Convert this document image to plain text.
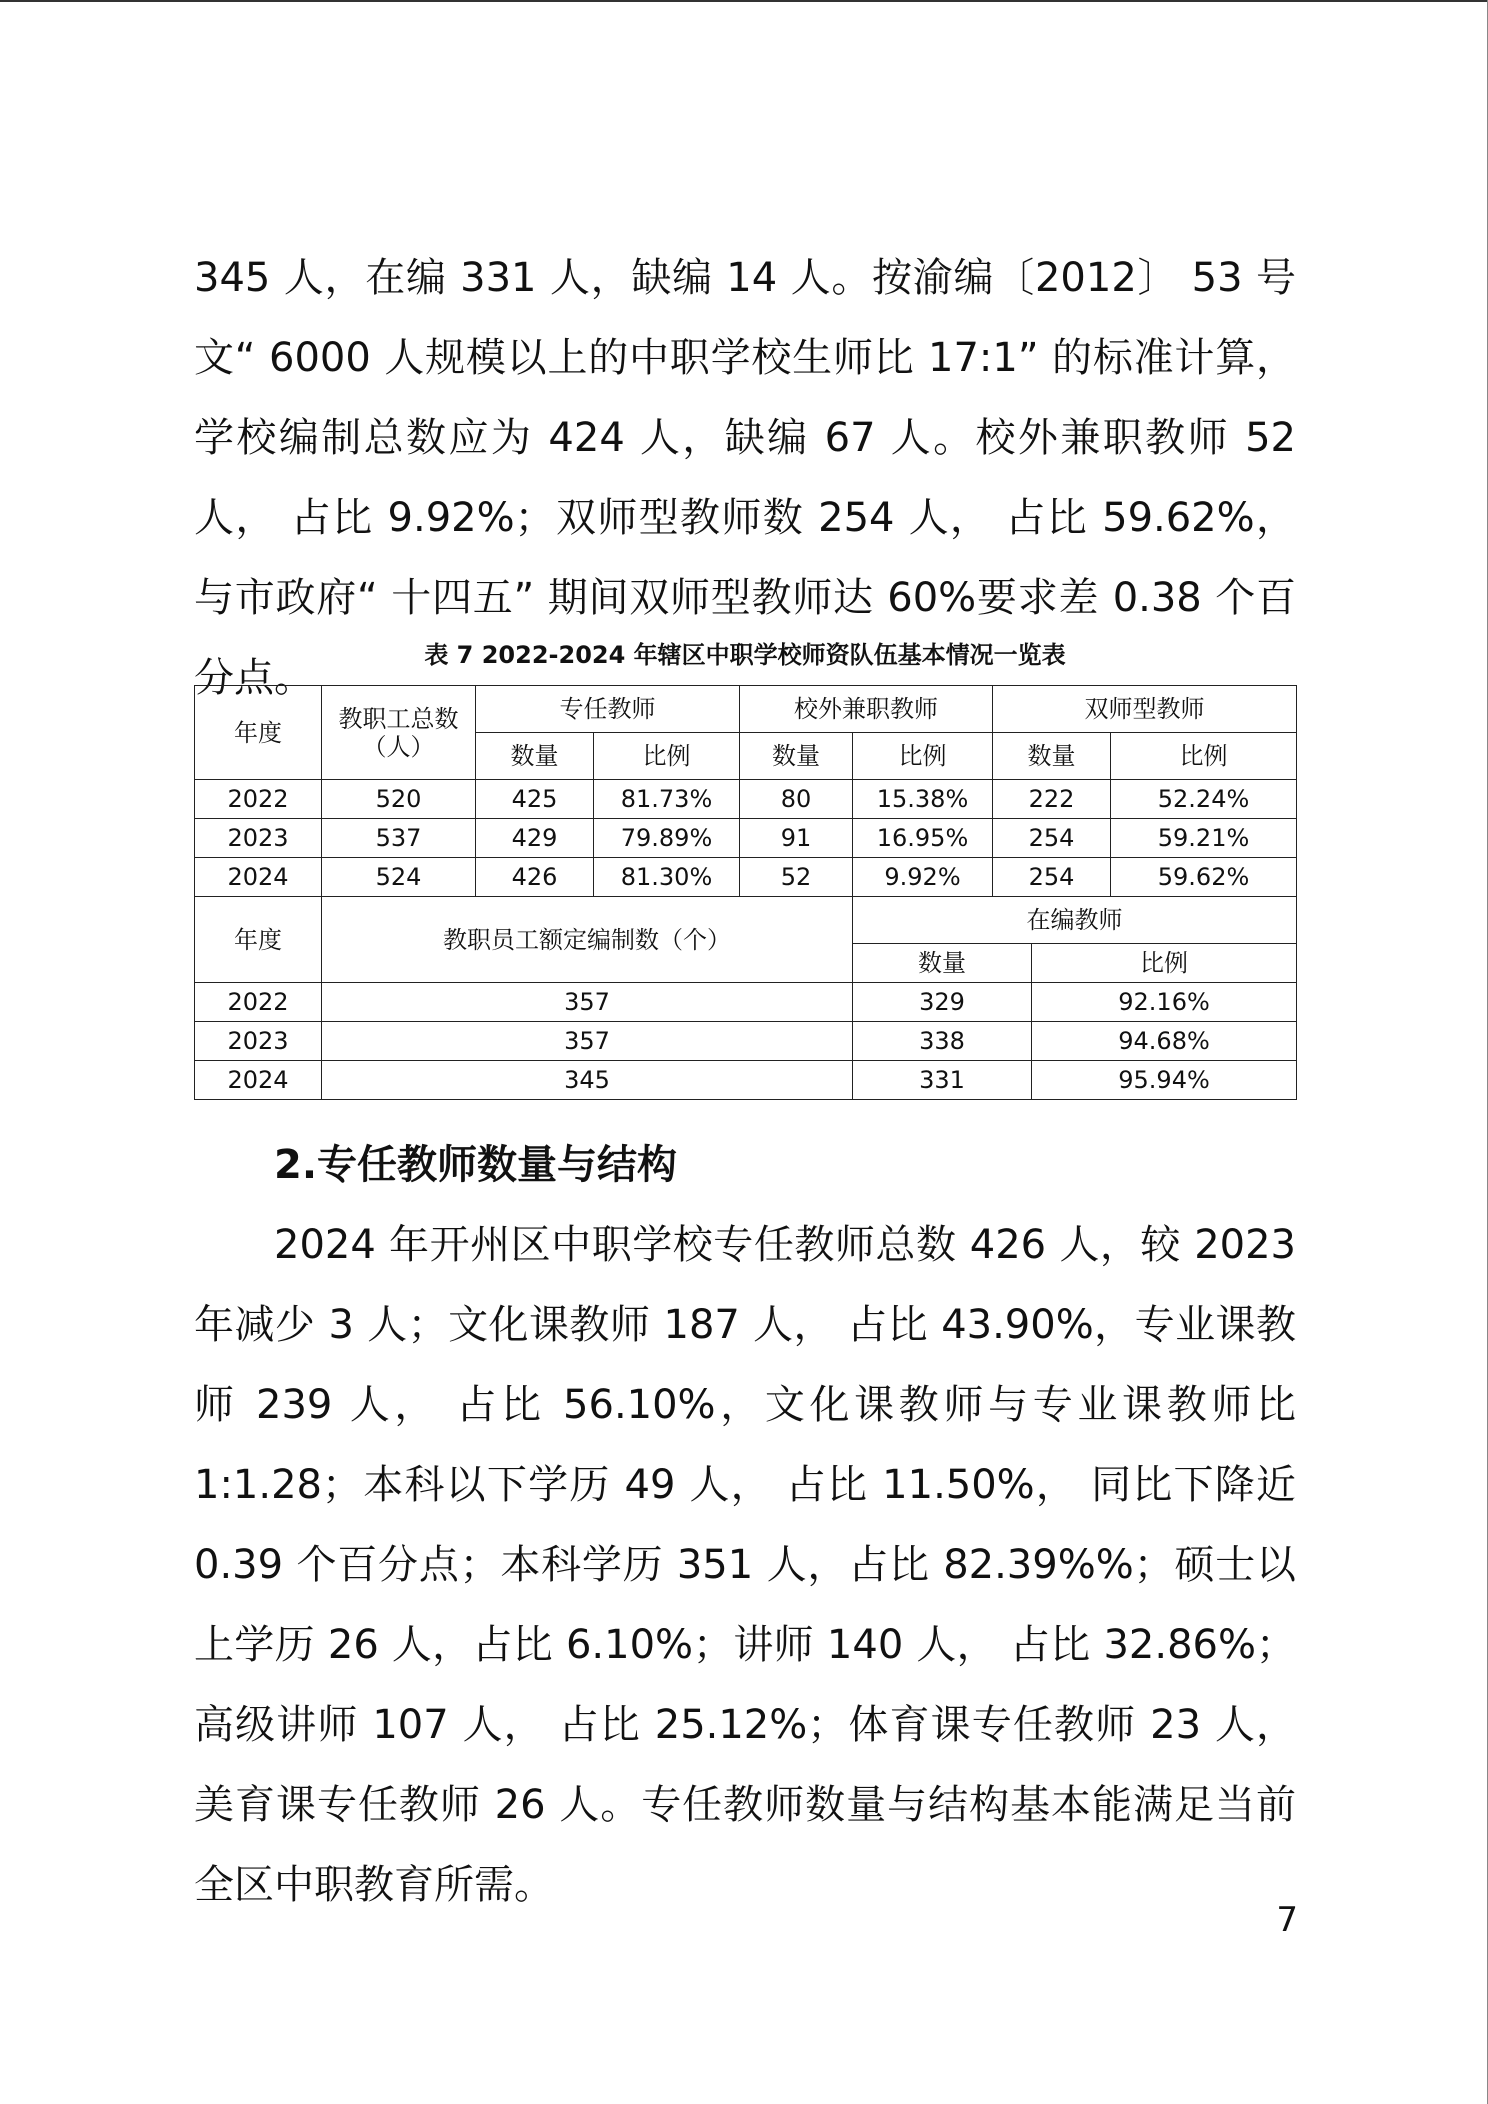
345 人，在编 331 人，缺编 14 人。按渝编〔2012〕 53 号文“ 6000 人规模以上的中职学校生师比 17:1” 的标准计算，学校编制总数应为 424 人，缺编 67 人。校外兼职教师 52 人， 占比 9.92%；双师型教师数 254 人， 占比 59.62%，与市政府“ 十四五” 期间双师型教师达 60%要求差 0.38 个百分点。	表 7 2022-2024 年辖区中职学校师资队伍基本情况一览表
年度	教职工总数（人）	专任教师		校外兼职教师		双师型教师		
		数量	比例	数量	比例	数量		比例
2022	520	425	81.73%	80	15.38%	222		52.24%
2023	537	429	79.89%	91	16.95%	254		59.21%
2024	524	426	81.30%	52	9.92%	254		59.62%
年度	教职员工额定编制数（个）				在编教师			
					数量		比例	
2022	357				329		92.16%	
2023	357				338		94.68%	
2024	345				331		95.94%	
2.专任教师数量与结构

2024 年开州区中职学校专任教师总数 426 人，较 2023 年减少 3 人；文化课教师 187 人， 占比 43.90%，专业课教师 239 人， 占比 56.10%，文化课教师与专业课教师比 1:1.28；本科以下学历 49 人， 占比 11.50%， 同比下降近 0.39 个百分点；本科学历 351 人，占比 82.39%%；硕士以上学历 26 人，占比 6.10%；讲师 140 人， 占比 32.86%；高级讲师 107 人， 占比 25.12%；体育课专任教师 23 人，美育课专任教师 26 人。专任教师数量与结构基本能满足当前全区中职教育所需。

7
